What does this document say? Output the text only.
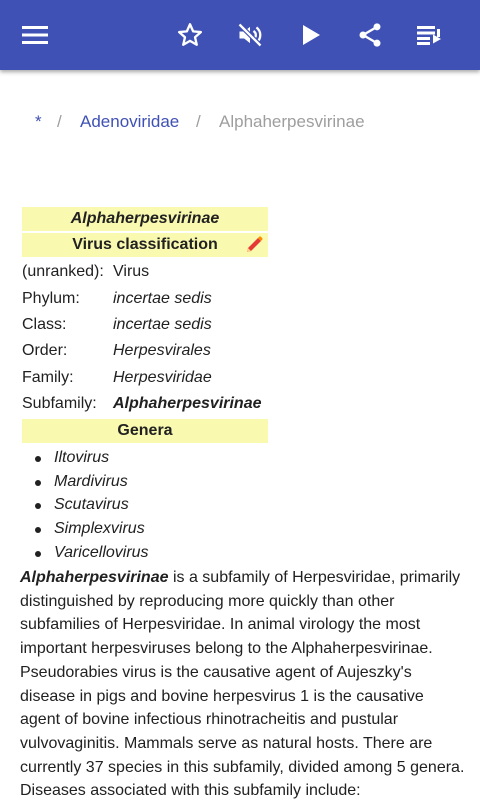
* / Adenoviridae / Alphaherpesvirinae
Alphaherpesvirinae
Virus classification
(unranked): Virus
Phylum: incertae sedis
Class:	incertae sedis
Order:	Herpesvirales
Family: Herpesviridae
Subfamily: Alphaherpesvirinae
Genera
Iltovirus
Mardivirus
Scutavirus
Simplexvirus
Varicellovirus

Alphaherpesvirinae is a subfamily of Herpesviridae, primarily distinguished by reproducing more quickly than other subfamilies of Herpesviridae. In animal virology the most important herpesviruses belong to the Alphaherpesvirinae. Pseudorabies virus is the causative agent of Aujeszky's disease in pigs and bovine herpesvirus 1 is the causative agent of bovine infectious rhinotracheitis and pustular vulvovaginitis. Mammals serve as natural hosts. There are currently 37 species in this subfamily, divided among 5 genera. Diseases associated with this subfamily include:
